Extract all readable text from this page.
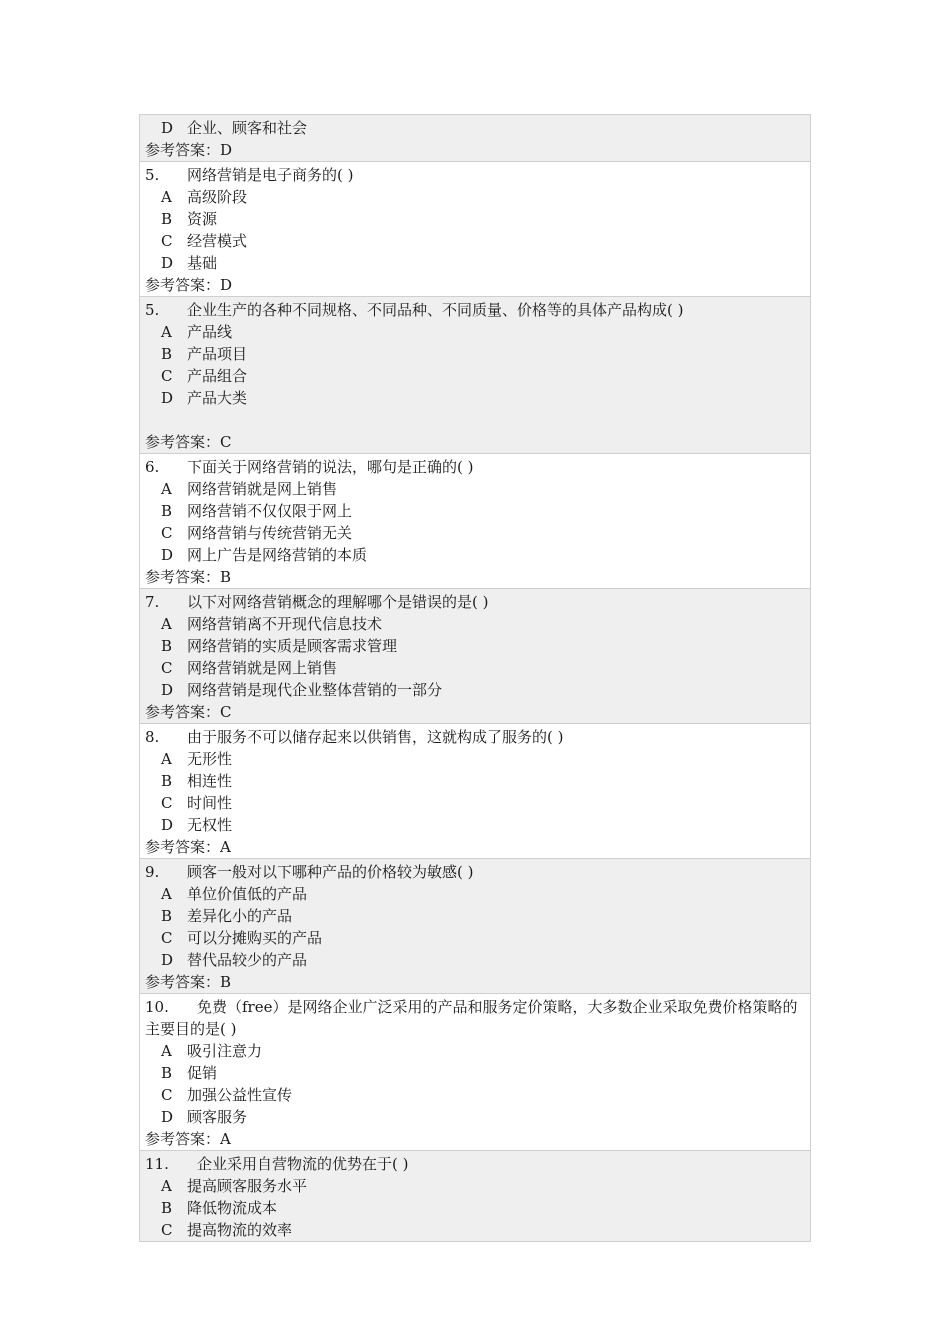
D 企业、顾客和社会
参考答案：D
5. 网络营销是电子商务的( )
A 高级阶段
B 资源
C 经营模式
D 基础
参考答案：D
5. 企业生产的各种不同规格、不同品种、不同质量、价格等的具体产品构成( )
A 产品线
B 产品项目
C 产品组合
D 产品大类
参考答案：C
6. 下面关于网络营销的说法，哪句是正确的( )
A 网络营销就是网上销售
B 网络营销不仅仅限于网上
C 网络营销与传统营销无关
D 网上广告是网络营销的本质
参考答案：B
7. 以下对网络营销概念的理解哪个是错误的是( )
A 网络营销离不开现代信息技术
B 网络营销的实质是顾客需求管理
C 网络营销就是网上销售
D 网络营销是现代企业整体营销的一部分
参考答案：C
8. 由于服务不可以储存起来以供销售，这就构成了服务的( )
A 无形性
B 相连性
C 时间性
D 无权性
参考答案：A
9. 顾客一般对以下哪种产品的价格较为敏感( )
A 单位价值低的产品
B 差异化小的产品
C 可以分摊购买的产品
D 替代品较少的产品
参考答案：B
10. 免费（free）是网络企业广泛采用的产品和服务定价策略，大多数企业采取免费价格策略的主要目的是( )
A 吸引注意力
B 促销
C 加强公益性宣传
D 顾客服务
参考答案：A
11. 企业采用自营物流的优势在于( )
A 提高顾客服务水平
B 降低物流成本
C 提高物流的效率
